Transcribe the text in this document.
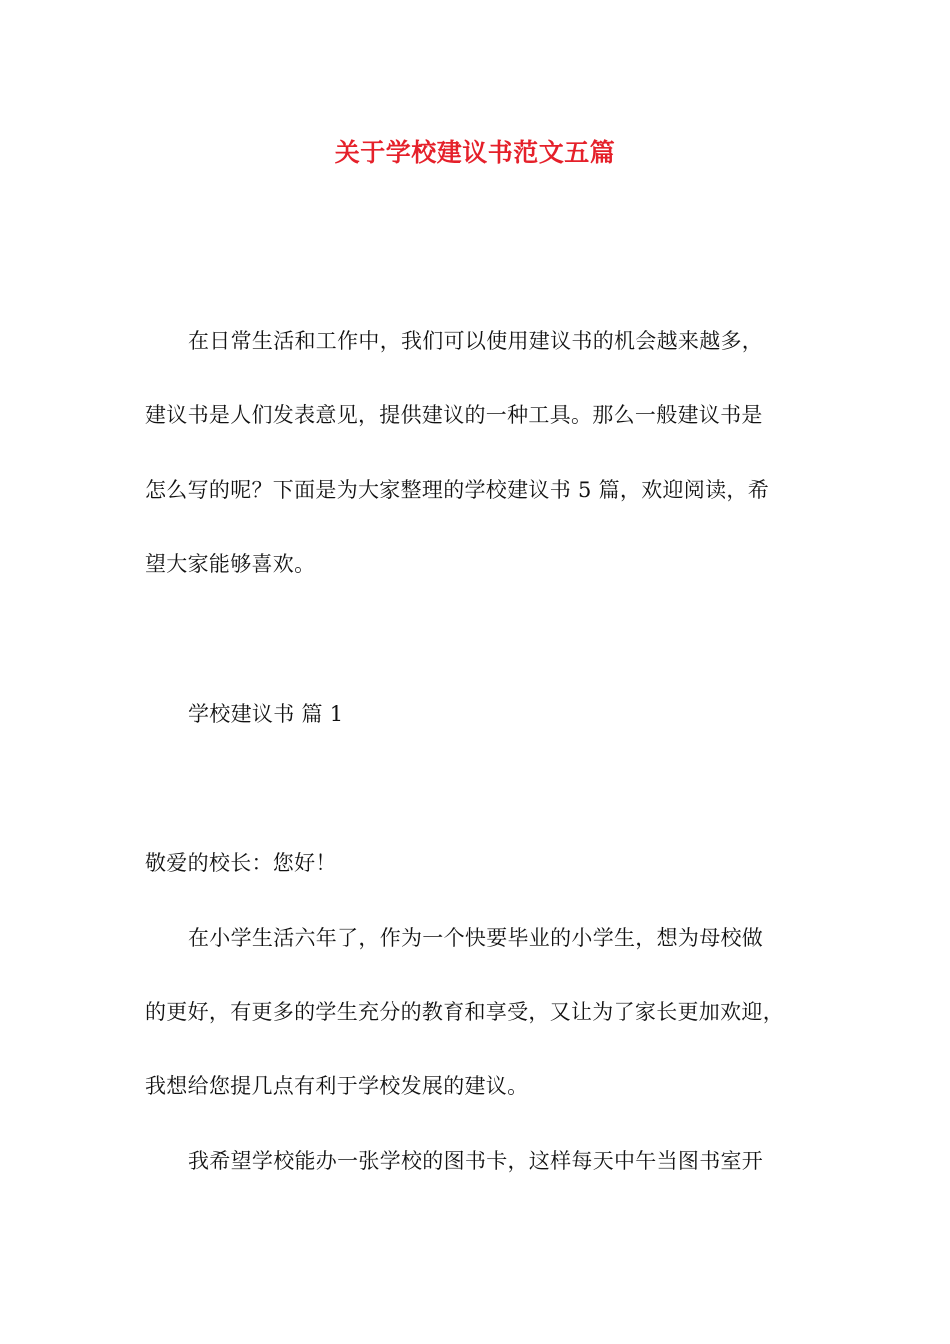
关于学校建议书范文五篇
在日常生活和工作中，我们可以使用建议书的机会越来越多，
建议书是人们发表意见，提供建议的一种工具。那么一般建议书是
怎么写的呢？下面是为大家整理的学校建议书 5 篇，欢迎阅读，希
望大家能够喜欢。
学校建议书 篇 1
敬爱的校长：您好！
在小学生活六年了，作为一个快要毕业的小学生，想为母校做
的更好，有更多的学生充分的教育和享受，又让为了家长更加欢迎，
我想给您提几点有利于学校发展的建议。
我希望学校能办一张学校的图书卡，这样每天中午当图书室开
